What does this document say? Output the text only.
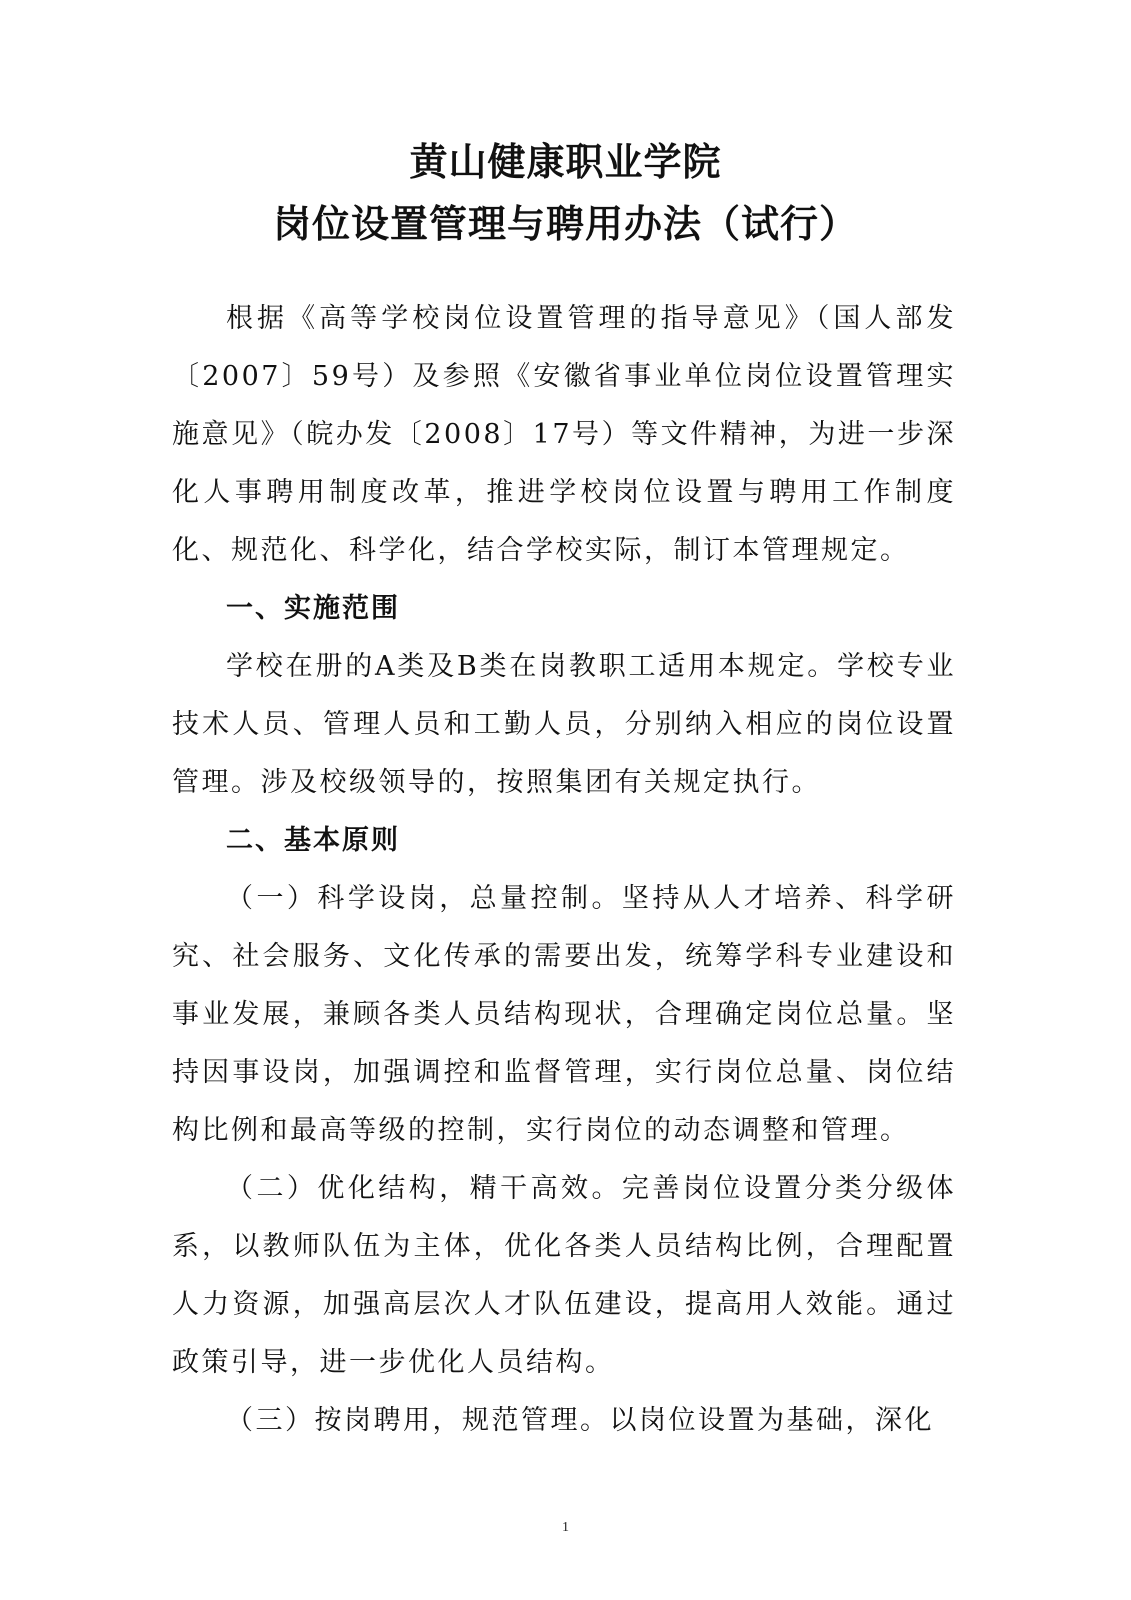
黄山健康职业学院
岗位设置管理与聘用办法（试行）

根据《高等学校岗位设置管理的指导意见》（国人部发〔2007〕59号）及参照《安徽省事业单位岗位设置管理实施意见》（皖办发〔2008〕17号）等文件精神，为进一步深化人事聘用制度改革，推进学校岗位设置与聘用工作制度化、规范化、科学化，结合学校实际，制订本管理规定。

一、实施范围

学校在册的A类及B类在岗教职工适用本规定。学校专业技术人员、管理人员和工勤人员，分别纳入相应的岗位设置管理。涉及校级领导的，按照集团有关规定执行。

二、基本原则

（一）科学设岗，总量控制。坚持从人才培养、科学研究、社会服务、文化传承的需要出发，统筹学科专业建设和事业发展，兼顾各类人员结构现状，合理确定岗位总量。坚持因事设岗，加强调控和监督管理，实行岗位总量、岗位结构比例和最高等级的控制，实行岗位的动态调整和管理。

（二）优化结构，精干高效。完善岗位设置分类分级体系，以教师队伍为主体，优化各类人员结构比例，合理配置人力资源，加强高层次人才队伍建设，提高用人效能。通过政策引导，进一步优化人员结构。

（三）按岗聘用，规范管理。以岗位设置为基础，深化

1
